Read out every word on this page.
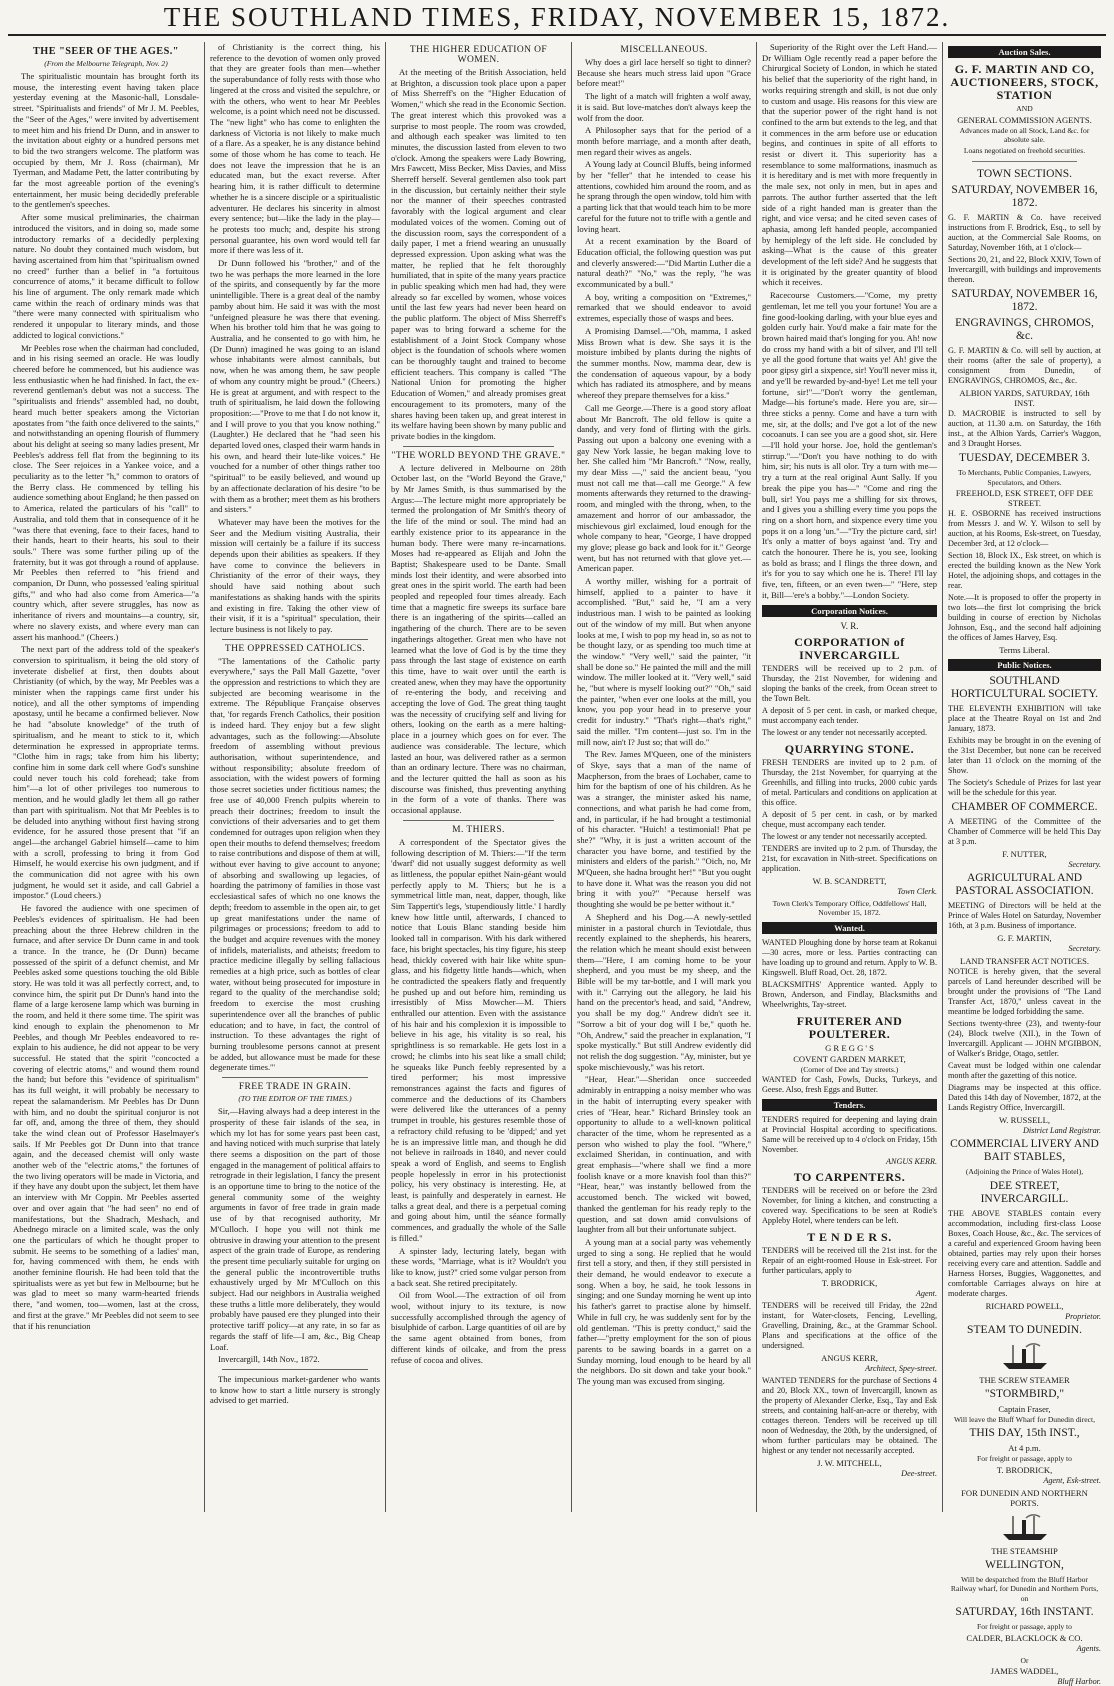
THE SOUTHLAND TIMES, FRIDAY, NOVEMBER 15, 1872.
THE "SEER OF THE AGES."
(From the Melbourne Telegraph, Nov. 2)

The spiritualistic mountain has brought forth its mouse, the interesting event having taken place yesterday evening at the Masonic-hall, Lonsdale-street. "Spiritualists and friends" of Mr J. M. Peebles, the "Seer of the Ages," were invited by advertisement to meet him and his friend Dr Dunn, and in answer to the invitation about eighty or a hundred persons met to bid the two strangers welcome. The platform was occupied by them, Mr J. Ross (chairman), Mr Tyerman, and Madame Pett, the latter contributing by far the most agreeable portion of the evening's entertainment, her music being decidedly preferable to the gentlemen's speeches.

After some musical preliminaries, the chairman introduced the visitors, and in doing so, made some introductory remarks of a decidedly perplexing nature. No doubt they contained much wisdom, but having ascertained from him that "spiritualism owned no creed" further than a belief in "a fortuitous concurrence of atoms," it became difficult to follow his line of argument. The only remark made which came within the reach of ordinary minds was that "there were many connected with spiritualism who rendered it unpopular to literary minds, and those addicted to logical convictions."

Mr Peebles rose when the chairman had concluded, and in his rising seemed an oracle. He was loudly cheered before he commenced, but his audience was less enthusiastic when he had finished. In fact, the ex-reverend gentleman's debut was not a success. The "spiritualists and friends" assembled had, no doubt, heard much better speakers among the Victorian apostates from "the faith once delivered to the saints," and notwithstanding an opening flourish of flummery about his delight at seeing so many ladies present, Mr Peebles's address fell flat from the beginning to its close. The Seer rejoices in a Yankee voice, and a peculiarity as to the letter "h," common to orators of the Berry class. He commenced by telling his audience something about England; he then passed on to America, related the particulars of his "call" to Australia, and told them that in consequence of it he "was there that evening, face to their faces, hand to their hands, heart to their hearts, his soul to their souls." There was some further piling up of the fraternity, but it was got through a round of applause. Mr Peebles then referred to "his friend and companion, Dr Dunn, who possessed 'ealing spiritual gifts,'" and who had also come from America—"a country which, after severe struggles, has now as inheritance of rivers and mountains—a country, sir, where no slavery exists, and where every man can assert his manhood." (Cheers.)

The next part of the address told of the speaker's conversion to spiritualism, it being the old story of inveterate disbelief at first, then doubts about Christianity (of which, by the way, Mr Peebles was a minister when the rappings came first under his notice), and all the other symptoms of impending apostasy, until he became a confirmed believer. Now he had "absolute knowledge" of the truth of spiritualism, and he meant to stick to it, which determination he expressed in appropriate terms. "Clothe him in rags; take from him his liberty; confine him in some dark cell where God's sunshine could never touch his cold forehead; take from him"—a lot of other privileges too numerous to mention, and he would gladly let them all go rather than part with spiritualism. Not that Mr Peebles is to be deluded into anything without first having strong evidence, for he assured those present that "if an angel—the archangel Gabriel himself—came to him with a scroll, professing to bring it from God Himself, he would exercise his own judgment, and if the communication did not agree with his own judgment, he would set it aside, and call Gabriel a impostor." (Loud cheers.)

He favored the audience with one specimen of Peebles's evidences of spiritualism. He had been preaching about the three Hebrew children in the furnace, and after service Dr Dunn came in and took a trance. In the trance, he (Dr Dunn) became possessed of the spirit of a defunct chemist, and Mr Peebles asked some questions touching the old Bible story. He was told it was all perfectly correct, and, to convince him, the spirit put Dr Dunn's hand into the flame of a large kerosene lamp which was burning in the room, and held it there some time. The spirit was kind enough to explain the phenomenon to Mr Peebles, and though Mr Peebles endeavored to re-explain to his audience, he did not appear to be very successful. He stated that the spirit "concocted a covering of electric atoms," and wound them round the hand; but before this "evidence of spiritualism" has its full weight, it will probably be necessary to repeat the salamanderism. Mr Peebles has Dr Dunn with him, and no doubt the spiritual conjuror is not far off, and, among the three of them, they should take the wind clean out of Professor Haselmayer's sails. If Mr Peebles got Dr Dunn into that trance again, and the deceased chemist will only waste another web of the "electric atoms," the fortunes of the two living operators will be made in Victoria, and if they have any doubt upon the subject, let them have an interview with Mr Coppin. Mr Peebles asserted over and over again that "he had seen" no end of manifestations, but the Shadrach, Meshach, and Abednego miracle on a limited scale, was the only one the particulars of which he thought proper to submit. He seems to be something of a ladies' man, for, having commenced with them, he ends with another feminine flourish. He had been told that the spiritualists were as yet but few in Melbourne; but he was glad to meet so many warm-hearted friends there, "and women, too—women, last at the cross, and first at the grave." Mr Peebles did not seem to see that if his renunciation

of Christianity is the correct thing, his reference to the devotion of women only proved that they are greater fools than men—whether the superabundance of folly rests with those who lingered at the cross and visited the sepulchre, or with the others, who went to hear Mr Peebles welcome, is a point which need not be discussed. The "new light" who has come to enlighten the darkness of Victoria is not likely to make much of a flare. As a speaker, he is any distance behind some of those whom he has come to teach. He does not leave the impression that he is an educated man, but the exact reverse. After hearing him, it is rather difficult to determine whether he is a sincere disciple or a spiritualistic adventurer. He declares his sincerity in almost every sentence; but—like the lady in the play—he protests too much; and, despite his strong personal guarantee, his own word would tell far more if there was less of it.

Dr Dunn followed his "brother," and of the two he was perhaps the more learned in the lore of the spirits, and consequently by far the more unintelligible. There is a great deal of the namby pamby about him. He said it was with the most "unfeigned pleasure he was there that evening. When his brother told him that he was going to Australia, and he consented to go with him, he (Dr Dunn) imagined he was going to an island whose inhabitants were almost cannibals, but now, when he was among them, he saw people of whom any country might be proud." (Cheers.) He is great at argument, and with respect to the truth of spiritualism, he laid down the following proposition:—"Prove to me that I do not know it, and I will prove to you that you know nothing." (Laughter.) He declared that he "had seen his departed loved ones, clasped their warm hands in his own, and heard their lute-like voices." He vouched for a number of other things rather too "spiritual" to be easily believed, and wound up by an affectionate declaration of his desire "to be with them as a brother; meet them as his brothers and sisters."

Whatever may have been the motives for the Seer and the Medium visiting Australia, their mission will certainly be a failure if its success depends upon their abilities as speakers. If they have come to convince the believers in Christianity of the error of their ways, they should have said nothing about such manifestations as shaking hands with the spirits and existing in fire. Taking the other view of their visit, if it is a "spiritual" speculation, their lecture business is not likely to pay.

THE OPPRESSED CATHOLICS.

"The lamentations of the Catholic party everywhere," says the Pall Mall Gazette, "over the oppression and restrictions to which they are subjected are becoming wearisome in the extreme. The République Française observes that, 'for regards French Catholics, their position is indeed hard. They enjoy but a few slight advantages, such as the following:—Absolute freedom of assembling without previous authorisation, without superintendence, and without responsibility; absolute freedom of association, with the widest powers of forming those secret societies under fictitious names; the free use of 40,000 French pulpits wherein to preach their doctrines; freedom to insult the convictions of their adversaries and to get them condemned for outrages upon religion when they open their mouths to defend themselves; freedom to raise contributions and dispose of them at will, without ever having to give account to anyone; of absorbing and swallowing up legacies, of hoarding the patrimony of families in those vast ecclesiastical safes of which no one knows the depth; freedom to assemble in the open air, to get up great manifestations under the name of pilgrimages or processions; freedom to add to the budget and acquire revenues with the money of infidels, materialists, and atheists; freedom to practice medicine illegally by selling fallacious remedies at a high price, such as bottles of clear water, without being prosecuted for imposture in regard to the quality of the merchandise sold; freedom to exercise the most crushing superintendence over all the branches of public education; and to have, in fact, the control of instruction. To these advantages the right of burning troublesome persons cannot at present be added, but allowance must be made for these degenerate times.'"

FREE TRADE IN GRAIN.
(TO THE EDITOR OF THE TIMES.)

Sir,—Having always had a deep interest in the prosperity of these fair islands of the sea, in which my lot has for some years past been cast, and having noticed with much surprise that lately there seems a disposition on the part of those engaged in the management of political affairs to retrograde in their legislation, I fancy the present is an opportune time to bring to the notice of the general community some of the weighty arguments in favor of free trade in grain made use of by that recognised authority, Mr M'Culloch. I hope you will not think me obtrusive in drawing your attention to the present aspect of the grain trade of Europe, as rendering the present time peculiarly suitable for urging on the general public the incontrovertible truths exhaustively urged by Mr M'Culloch on this subject. Had our neighbors in Australia weighed these truths a little more deliberately, they would probably have paused ere they plunged into their protective tariff policy—at any rate, in so far as regards the staff of life—I am, &c., Big Cheap Loaf.

Invercargill, 14th Nov., 1872.

The impecunious market-gardener who wants to know how to start a little nursery is strongly advised to get married.

THE HIGHER EDUCATION OF WOMEN.

At the meeting of the British Association, held at Brighton, a discussion took place upon a paper of Miss Sherreff's on the "Higher Education of Women," which she read in the Economic Section. The great interest which this provoked was a surprise to most people. The room was crowded, and although each speaker was limited to ten minutes, the discussion lasted from eleven to two o'clock. Among the speakers were Lady Bowring, Mrs Fawcett, Miss Becker, Miss Davies, and Miss Sherreff herself. Several gentlemen also took part in the discussion, but certainly neither their style nor the manner of their speeches contrasted favorably with the logical argument and clear modulated voices of the women. Coming out of the discussion room, says the correspondent of a daily paper, I met a friend wearing an unusually depressed expression. Upon asking what was the matter, he replied that he felt thoroughly humiliated, that in spite of the many years practice in public speaking which men had had, they were already so far excelled by women, whose voices until the last few years had never been heard on the public platform. The object of Miss Sherreff's paper was to bring forward a scheme for the establishment of a Joint Stock Company whose object is the foundation of schools where women can be thoroughly taught and trained to become efficient teachers. This company is called "The National Union for promoting the higher Education of Women," and already promises great encouragement to its promoters, many of the shares having been taken up, and great interest in its welfare having been shown by many public and private bodies in the kingdom.

"THE WORLD BEYOND THE GRAVE."

A lecture delivered in Melbourne on 28th October last, on the "World Beyond the Grave," by Mr James Smith, is thus summarised by the Argus:—The lecture might more appropriately be termed the prolongation of Mr Smith's theory of the life of the mind or soul. The mind had an earthly existence prior to its appearance in the human body. There were many re-incarnations. Moses had re-appeared as Elijah and John the Baptist; Shakespeare used to be Dante. Small minds lost their identity, and were absorbed into great ones in the spirit world. The earth had been peopled and repeopled four times already. Each time that a magnetic fire sweeps its surface bare there is an ingathering of the spirits—called an ingathering of the church. There are to be seven ingatherings altogether. Great men who have not learned what the love of God is by the time they pass through the last stage of existence on earth this time, have to wait over until the earth is created anew, when they may have the opportunity of re-entering the body, and receiving and accepting the love of God. The great thing taught was the necessity of crucifying self and living for others, looking on the earth as a mere halting-place in a journey which goes on for ever. The audience was considerable. The lecture, which lasted an hour, was delivered rather as a sermon than an ordinary lecture. There was no chairman, and the lecturer quitted the hall as soon as his discourse was finished, thus preventing anything in the form of a vote of thanks. There was occasional applause.

M. THIERS.

A correspondent of the Spectator gives the following description of M. Thiers:—"If the term 'dwarf' did not usually suggest deformity as well as littleness, the popular epithet Nain-géant would perfectly apply to M. Thiers; but he is a symmetrical little man, neat, dapper, though, like Sim Tappertit's legs, 'stupendiously little.' I hardly knew how little until, afterwards, I chanced to notice that Louis Blanc standing beside him looked tall in comparison. With his dark withered face, his bright spectacles, his tiny figure, his steep head, thickly covered with hair like white spun-glass, and his fidgetty little hands—which, when he contradicted the speakers flatly and frequently he pushed up and out before him, reminding us irresistibly of Miss Mowcher—M. Thiers enthralled our attention. Even with the assistance of his hair and his complexion it is impossible to believe in his age, his vitality is so real, his sprightliness is so remarkable. He gets lost in a crowd; he climbs into his seat like a small child; he squeaks like Punch feebly represented by a tired performer; his most impressive remonstrances against the facts and figures of commerce and the deductions of its Chambers were delivered like the utterances of a penny trumpet in trouble, his gestures resemble those of a refractory child refusing to be 'dipped;' and yet he is an impressive little man, and though he did not believe in railroads in 1840, and never could speak a word of English, and seems to English people hopelessly in error in his protectionist policy, his very obstinacy is interesting. He, at least, is painfully and desperately in earnest. He talks a great deal, and there is a perpetual coming and going about him, until the séance formally commences, and gradually the whole of the Salle is filled."

A spinster lady, lecturing lately, began with these words, "Marriage, what is it? Wouldn't you like to know, just?" cried some vulgar person from a back seat. She retired precipitately.

Oil from Wool.—The extraction of oil from wool, without injury to its texture, is now successfully accomplished through the agency of bisulphide of carbon. Large quantities of oil are by the same agent obtained from bones, from different kinds of oilcake, and from the press refuse of cocoa and olives.

MISCELLANEOUS.

Why does a girl lace herself so tight to dinner? Because she hears much stress laid upon "Grace before meat!"

The light of a match will frighten a wolf away, it is said. But love-matches don't always keep the wolf from the door.

A Philosopher says that for the period of a month before marriage, and a month after death, men regard their wives as angels.

A Young lady at Council Bluffs, being informed by her "feller" that he intended to cease his attentions, cowhided him around the room, and as he sprang through the open window, told him with a parting lick that that would teach him to be more careful for the future not to trifle with a gentle and loving heart.

At a recent examination by the Board of Education official, the following question was put and cleverly answered:—"Did Martin Luther die a natural death?" "No," was the reply, "he was excommunicated by a bull."

A boy, writing a composition on "Extremes," remarked that we should endeavor to avoid extremes, especially those of wasps and bees.

A Promising Damsel.—"Oh, mamma, I asked Miss Brown what is dew. She says it is the moisture imbibed by plants during the nights of the summer months. Now, mamma dear, dew is the condensation of aqueous vapour, by a body which has radiated its atmosphere, and by means whereof they prepare themselves for a kiss."

Call me George.—There is a good story afloat about Mr Bancroft. The old fellow is quite a dandy, and very fond of flirting with the girls. Passing out upon a balcony one evening with a gay New York lassie, he began making love to her. She called him "Mr Bancroft." "Now, really, my dear Miss —," said the ancient beau, "you must not call me that—call me George." A few moments afterwards they returned to the drawing-room, and mingled with the throng, when, to the amazement and horror of our ambassador, the mischievous girl exclaimed, loud enough for the whole company to hear, "George, I have dropped my glove; please go back and look for it." George went, but has not returned with that glove yet.—American paper.

A worthy miller, wishing for a portrait of himself, applied to a painter to have it accomplished. "But," said he, "I am a very industrious man. I wish to be painted as looking out of the window of my mill. But when anyone looks at me, I wish to pop my head in, so as not to be thought lazy, or as spending too much time at the window." "Very well," said the painter, "it shall be done so." He painted the mill and the mill window. The miller looked at it. "Very well," said he, "but where is myself looking out?" "Oh," said the painter, "when ever one looks at the mill, you know, you pop your head in to preserve your credit for industry." "That's right—that's right," said the miller. "I'm content—just so. I'm in the mill now, ain't I? Just so; that will do."

The Rev. James M'Queen, one of the ministers of Skye, says that a man of the name of Macpherson, from the braes of Lochaber, came to him for the baptism of one of his children. As he was a stranger, the minister asked his name, connections, and what parish he had come from, and, in particular, if he had brought a testimonial of his character. "Huich! a testimonial! Phat pe she?" "Why, it is just a written account of the character you have borne, and testified by the ministers and elders of the parish." "Oich, no, Mr M'Queen, she hadna brought her!" "But you ought to have done it. What was the reason you did not bring it with you?" "Pecause herself was thoughting she would be pe better without it."

A Shepherd and his Dog.—A newly-settled minister in a pastoral church in Teviotdale, thus recently explained to the shepherds, his hearers, the relation which he meant should exist between them—"Here, I am coming home to be your shepherd, and you must be my sheep, and the Bible will be my tar-bottle, and I will mark you with it." Carrying out the allegory, he laid his hand on the precentor's head, and said, "Andrew, you shall be my dog." Andrew didn't see it. "Sorrow a bit of your dog will I be," quoth he. "Oh, Andrew," said the preacher in explanation, "I spoke mystically." But still Andrew evidently did not relish the dog suggestion. "Ay, minister, but ye spoke mischievously," was his retort.

"Hear, Hear."—Sheridan once succeeded admirably in entrapping a noisy member who was in the habit of interrupting every speaker with cries of "Hear, hear." Richard Brinsley took an opportunity to allude to a well-known political character of the time, whom he represented as a person who wished to play the fool. "Where," exclaimed Sheridan, in continuation, and with great emphasis—"where shall we find a more foolish knave or a more knavish fool than this?" "Hear, hear," was instantly bellowed from the accustomed bench. The wicked wit bowed, thanked the gentleman for his ready reply to the question, and sat down amid convulsions of laughter from all but their unfortunate subject.

A young man at a social party was vehemently urged to sing a song. He replied that he would first tell a story, and then, if they still persisted in their demand, he would endeavor to execute a song. When a boy, he said, he took lessons in singing; and one Sunday morning he went up into his father's garret to practise alone by himself. While in full cry, he was suddenly sent for by the old gentleman. "This is pretty conduct," said the father—"pretty employment for the son of pious parents to be sawing boards in a garret on a Sunday morning, loud enough to be heard by all the neighbors. Do sit down and take your book." The young man was excused from singing.

Superiority of the Right over the Left Hand.—Dr William Ogle recently read a paper before the Chirurgical Society of London, in which he stated his belief that the superiority of the right hand, in works requiring strength and skill, is not due only to custom and usage. His reasons for this view are that the superior power of the right hand is not confined to the arm but extends to the leg, and that it commences in the arm before use or education begins, and continues in spite of all efforts to resist or divert it. This superiority has a resemblance to some malformations, inasmuch as it is hereditary and is met with more frequently in the male sex, not only in men, but in apes and parrots. The author further asserted that the left side of a right handed man is greater than the right, and vice versa; and he cited seven cases of aphasia, among left handed people, accompanied by hemiplegy of the left side. He concluded by asking—What is the cause of this greater development of the left side? And he suggests that it is originated by the greater quantity of blood which it receives.

Racecourse Customers.—"Come, my pretty gentleman, let me tell you your fortune! You are a fine good-looking darling, with your blue eyes and golden curly hair. You'd make a fair mate for the brown haired maid that's longing for you. Ah! now do cross my hand with a bit of silver, and I'll tell ye all the good fortune that waits ye! Ah! give the poor gipsy girl a sixpence, sir! You'll never miss it, and ye'll be rewarded by-and-bye! Let me tell your fortune, sir!"—"Don't worry the gentleman, Madge—his fortune's made. Here you are, sir—three sticks a penny. Come and have a turn with me, sir, at the dolls; and I've got a lot of the new cocoanuts. I can see you are a good shot, sir. Here—I'll hold your horse. Joe, hold the gentleman's stirrup."—"Don't you have nothing to do with him, sir; his nuts is all olor. Try a turn with me—try a turn at the real original Aunt Sally. If you break the pipe you has—" "Come and ring the bull, sir! You pays me a shilling for six throws, and I gives you a shilling every time you pops the ring on a short horn, and sixpence every time you pops it on a long 'un."—"Try the picture card, sir! It's only a matter of boys against 'and. Try and catch the honourer. There he is, you see, looking as bold as brass; and I flings the three down, and it's for you to say which one he is. There! I'll lay five, ten, fifteen, or an even twen—" "Here, step it, Bill—'ere's a bobby."—London Society.

Corporation Notices.
V. R.
CORPORATION of INVERCARGILL
TENDERS will be received up to 2 p.m. of Thursday, the 21st November, for widening and sloping the banks of the creek, from Ocean street to the Town Belt.
A deposit of 5 per cent. in cash, or marked cheque, must accompany each tender.
The lowest or any tender not necessarily accepted.
QUARRYING STONE.
FRESH TENDERS are invited up to 2 p.m. of Thursday, the 21st November, for quarrying at the Greenhills, and filling into trucks, 2000 cubic yards of metal. Particulars and conditions on application at this office.
A deposit of 5 per cent. in cash, or by marked cheque, must accompany each tender.
The lowest or any tender not necessarily accepted.
TENDERS are invited up to 2 p.m. of Thursday, the 21st, for excavation in Nith-street. Specifications on application.
W. B. SCANDRETT,
Town Clerk.
Town Clerk's Temporary Office, Oddfellows' Hall, November 15, 1872.
Wanted.
WANTED Ploughing done by horse team at Rokanui—30 acres, more or less. Parties contracting can have loading up to ground and return. Apply to W. B. Kingswell. Bluff Road, Oct. 28, 1872.
BLACKSMITHS' Apprentice wanted. Apply to Brown, Anderson, and Findlay, Blacksmiths and Wheelwrights, Tay-street.
FRUITERER AND POULTERER.
G R E G G ' S
COVENT GARDEN MARKET,
(Corner of Dee and Tay streets.)
WANTED for Cash, Fowls, Ducks, Turkeys, and Geese. Also, fresh Eggs and Butter.
Tenders.
TENDERS required for deepening and laying drain at Provincial Hospital according to specifications. Same will be received up to 4 o'clock on Friday, 15th November.
ANGUS KERR.
TO CARPENTERS.
TENDERS will be received on or before the 23rd November, for lining a kitchen, and constructing a covered way. Specifications to be seen at Rodie's Appleby Hotel, where tenders can be left.
T E N D E R S.
TENDERS will be received till the 21st inst. for the Repair of an eight-roomed House in Esk-street. For further particulars, apply to
T. BRODRICK,
Agent.
TENDERS will be received till Friday, the 22nd instant, for Water-closets, Fencing, Levelling, Gravelling, Draining, &c., at the Grammar School. Plans and specifications at the office of the undersigned.
ANGUS KERR,
Architect, Spey-street.
WANTED TENDERS for the purchase of Sections 4 and 20, Block XX., town of Invercargill, known as the property of Alexander Clerke, Esq., Tay and Esk streets, and containing half-an-acre or thereby, with cottages thereon. Tenders will be received up till noon of Wednesday, the 20th, by the undersigned, of whom further particulars may be obtained. The highest or any tender not necessarily accepted.
J. W. MITCHELL,
Dee-street.
Auction Sales.
G. F. MARTIN AND CO, AUCTIONEERS, STOCK, STATION
AND
GENERAL COMMISSION AGENTS.
Advances made on all Stock, Land &c. for absolute sale.
Loans negotiated on freehold securities.
TOWN SECTIONS.
SATURDAY, NOVEMBER 16, 1872.
G. F. MARTIN & Co. have received instructions from F. Brodrick, Esq., to sell by auction, at the Commercial Sale Rooms, on Saturday, November 16th, at 1 o'clock—
Sections 20, 21, and 22, Block XXIV, Town of Invercargill, with buildings and improvements thereon.
SATURDAY, NOVEMBER 16, 1872.
ENGRAVINGS, CHROMOS, &c.
G. F. MARTIN & Co. will sell by auction, at their rooms (after the sale of property), a consignment from Dunedin, of ENGRAVINGS, CHROMOS, &c., &c.
ALBION YARDS, SATURDAY, 16th INST.
D. MACROBIE is instructed to sell by auction, at 11.30 a.m. on Saturday, the 16th inst., at the Albion Yards, Carrier's Waggon, and 3 Draught Horses.
TUESDAY, DECEMBER 3.
To Merchants, Public Companies, Lawyers, Speculators, and Others.
FREEHOLD, ESK STREET, OFF DEE STREET.
H. E. OSBORNE has received instructions from Messrs J. and W. Y. Wilson to sell by auction, at his Rooms, Esk-street, on Tuesday, December 3rd, at 12 o'clock—
Section 18, Block IX., Esk street, on which is erected the building known as the New York Hotel, the adjoining shops, and cottages in the rear.
Note.—It is proposed to offer the property in two lots—the first lot comprising the brick building in course of erection by Nicholas Johnson, Esq., and the second half adjoining the offices of James Harvey, Esq.
Terms Liberal.
Public Notices.
SOUTHLAND HORTICULTURAL SOCIETY.
THE ELEVENTH EXHIBITION will take place at the Theatre Royal on 1st and 2nd January, 1873.
Exhibits may be brought in on the evening of the 31st December, but none can be received later than 11 o'clock on the morning of the Show.
The Society's Schedule of Prizes for last year will be the schedule for this year.
CHAMBER OF COMMERCE.
A MEETING of the Committee of the Chamber of Commerce will be held This Day at 3 p.m.
F. NUTTER,
Secretary.
AGRICULTURAL AND PASTORAL ASSOCIATION.
MEETING of Directors will be held at the Prince of Wales Hotel on Saturday, November 16th, at 3 p.m. Business of importance.
G. F. MARTIN,
Secretary.
LAND TRANSFER ACT NOTICES.
NOTICE is hereby given, that the several parcels of Land hereunder described will be brought under the provisions of "The Land Transfer Act, 1870," unless caveat in the meantime be lodged forbidding the same.
Sections twenty-three (23), and twenty-four (24), Block twelve (XII.), in the Town of Invercargill. Applicant — JOHN M'GIBBON, of Walker's Bridge, Otago, settler.
Caveat must be lodged within one calendar month after the gazetting of this notice.
Diagrams may be inspected at this office. Dated this 14th day of November, 1872, at the Lands Registry Office, Invercargill.
W. RUSSELL,
District Land Registrar.
COMMERCIAL LIVERY AND BAIT STABLES,
(Adjoining the Prince of Wales Hotel),
DEE STREET, INVERCARGILL.
THE ABOVE STABLES contain every accommodation, including first-class Loose Boxes, Coach House, &c., &c. The services of a careful and experienced Groom having been obtained, parties may rely upon their horses receiving every care and attention. Saddle and Harness Horses, Buggies, Waggonettes, and comfortable Carriages always on hire at moderate charges.
RICHARD POWELL,
Proprietor.
STEAM TO DUNEDIN.
THE SCREW STEAMER
"STORMBIRD,"
Captain Fraser,
Will leave the Bluff Wharf for Dunedin direct,
THIS DAY, 15th INST.,
At 4 p.m.
For freight or passage, apply to
T. BRODRICK,
Agent, Esk-street.
FOR DUNEDIN AND NORTHERN PORTS.
THE STEAMSHIP
WELLINGTON,
Will be despatched from the Bluff Harbor Railway wharf, for Dunedin and Northern Ports, on
SATURDAY, 16th INSTANT.
For freight or passage, apply to
CALDER, BLACKLOCK & CO.
Agents.
Or
JAMES WADDEL,
Bluff Harbor.
